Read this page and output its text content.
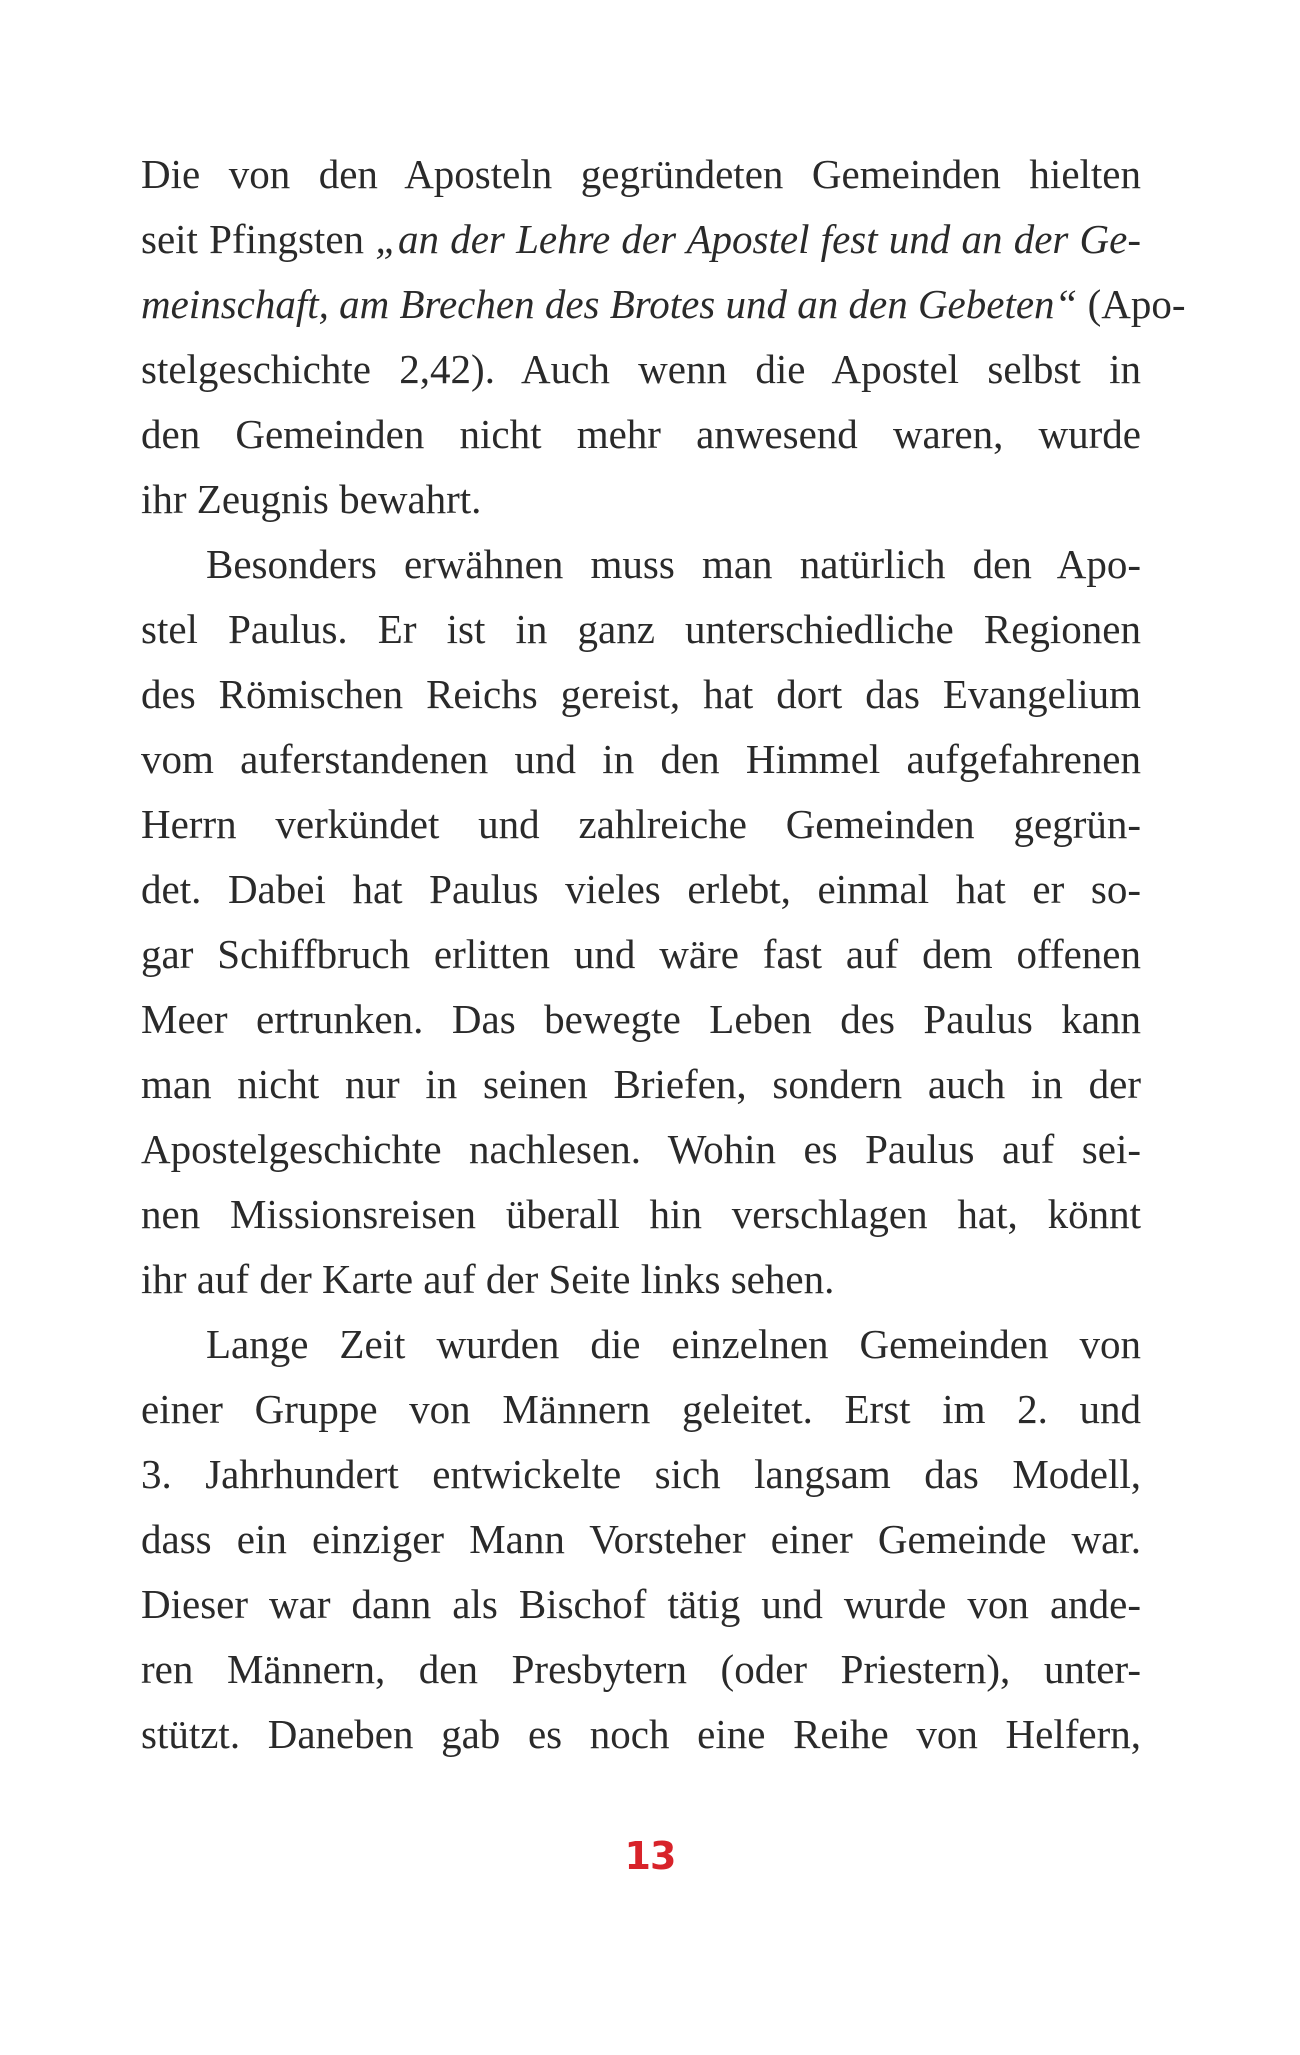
Die von den Aposteln gegründeten Gemeinden hielten
seit Pfingsten „an der Lehre der Apostel fest und an der Ge-
meinschaft, am Brechen des Brotes und an den Gebeten“ (Apo-
stelgeschichte 2,42). Auch wenn die Apostel selbst in
den Gemeinden nicht mehr anwesend waren, wurde
ihr Zeugnis bewahrt.
Besonders erwähnen muss man natürlich den Apo-
stel Paulus. Er ist in ganz unterschiedliche Regionen
des Römischen Reichs gereist, hat dort das Evangelium
vom auferstandenen und in den Himmel aufgefahrenen
Herrn verkündet und zahlreiche Gemeinden gegrün-
det. Dabei hat Paulus vieles erlebt, einmal hat er so-
gar Schiffbruch erlitten und wäre fast auf dem offenen
Meer ertrunken. Das bewegte Leben des Paulus kann
man nicht nur in seinen Briefen, sondern auch in der
Apostelgeschichte nachlesen. Wohin es Paulus auf sei-
nen Missionsreisen überall hin verschlagen hat, könnt
ihr auf der Karte auf der Seite links sehen.
Lange Zeit wurden die einzelnen Gemeinden von
einer Gruppe von Männern geleitet. Erst im 2. und
3. Jahrhundert entwickelte sich langsam das Modell,
dass ein einziger Mann Vorsteher einer Gemeinde war.
Dieser war dann als Bischof tätig und wurde von ande-
ren Männern, den Presbytern (oder Priestern), unter-
stützt. Daneben gab es noch eine Reihe von Helfern,
13
